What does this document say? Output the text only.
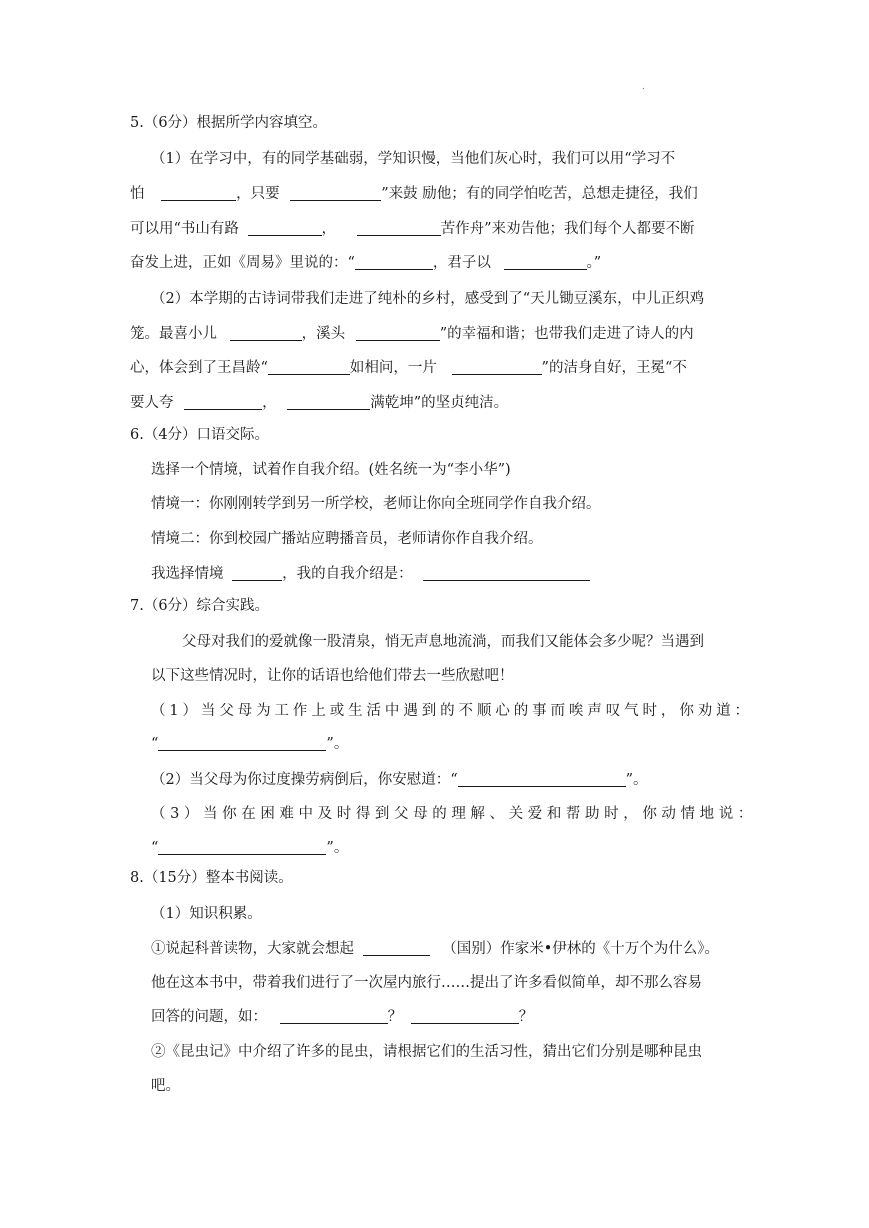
.
5.（6分）根据所学内容填空。
（1）在学习中，有的同学基础弱，学知识慢，当他们灰心时，我们可以用“学习不
怕	，只要	”来鼓 励他；有的同学怕吃苦，总想走捷径，我们
可以用“书山有路	，	苦作舟”来劝告他；我们每个人都要不断
奋发上进，正如《周易》里说的：“	，君子以	。”
（2）本学期的古诗词带我们走进了纯朴的乡村，感受到了“天儿锄豆溪东，中儿正织鸡
笼。最喜小儿	，溪头	”的幸福和谐；也带我们走进了诗人的内
心，体会到了王昌龄“	如相问，一片	”的洁身自好，王冕“不
要人夸	，	满乾坤”的坚贞纯洁。
6.（4分）口语交际。
选择一个情境，试着作自我介绍。(姓名统一为“李小华”)
情境一：你刚刚转学到另一所学校，老师让你向全班同学作自我介绍。
情境二：你到校园广播站应聘播音员，老师请你作自我介绍。
我选择情境	，我的自我介绍是：
7.（6分）综合实践。
父母对我们的爱就像一股清泉，悄无声息地流淌，而我们又能体会多少呢？当遇到
以下这些情况时，让你的话语也给他们带去一些欣慰吧！
（1）当父母为工作上或生活中遇到的不顺心的事而唉声叹气时，你劝道：
“	”。
（2）当父母为你过度操劳病倒后，你安慰道：“	”。
（3）当你在困难中及时得到父母的理解、关爱和帮助时，你动情地说：
“	”。
8.（15分）整本书阅读。
（1）知识积累。
①说起科普读物，大家就会想起	（国别）作家米•伊林的《十万个为什么》。
他在这本书中，带着我们进行了一次屋内旅行……提出了许多看似简单，却不那么容易
回答的问题，如：	？	？
②《昆虫记》中介绍了许多的昆虫，请根据它们的生活习性，猜出它们分别是哪种昆虫
吧。
